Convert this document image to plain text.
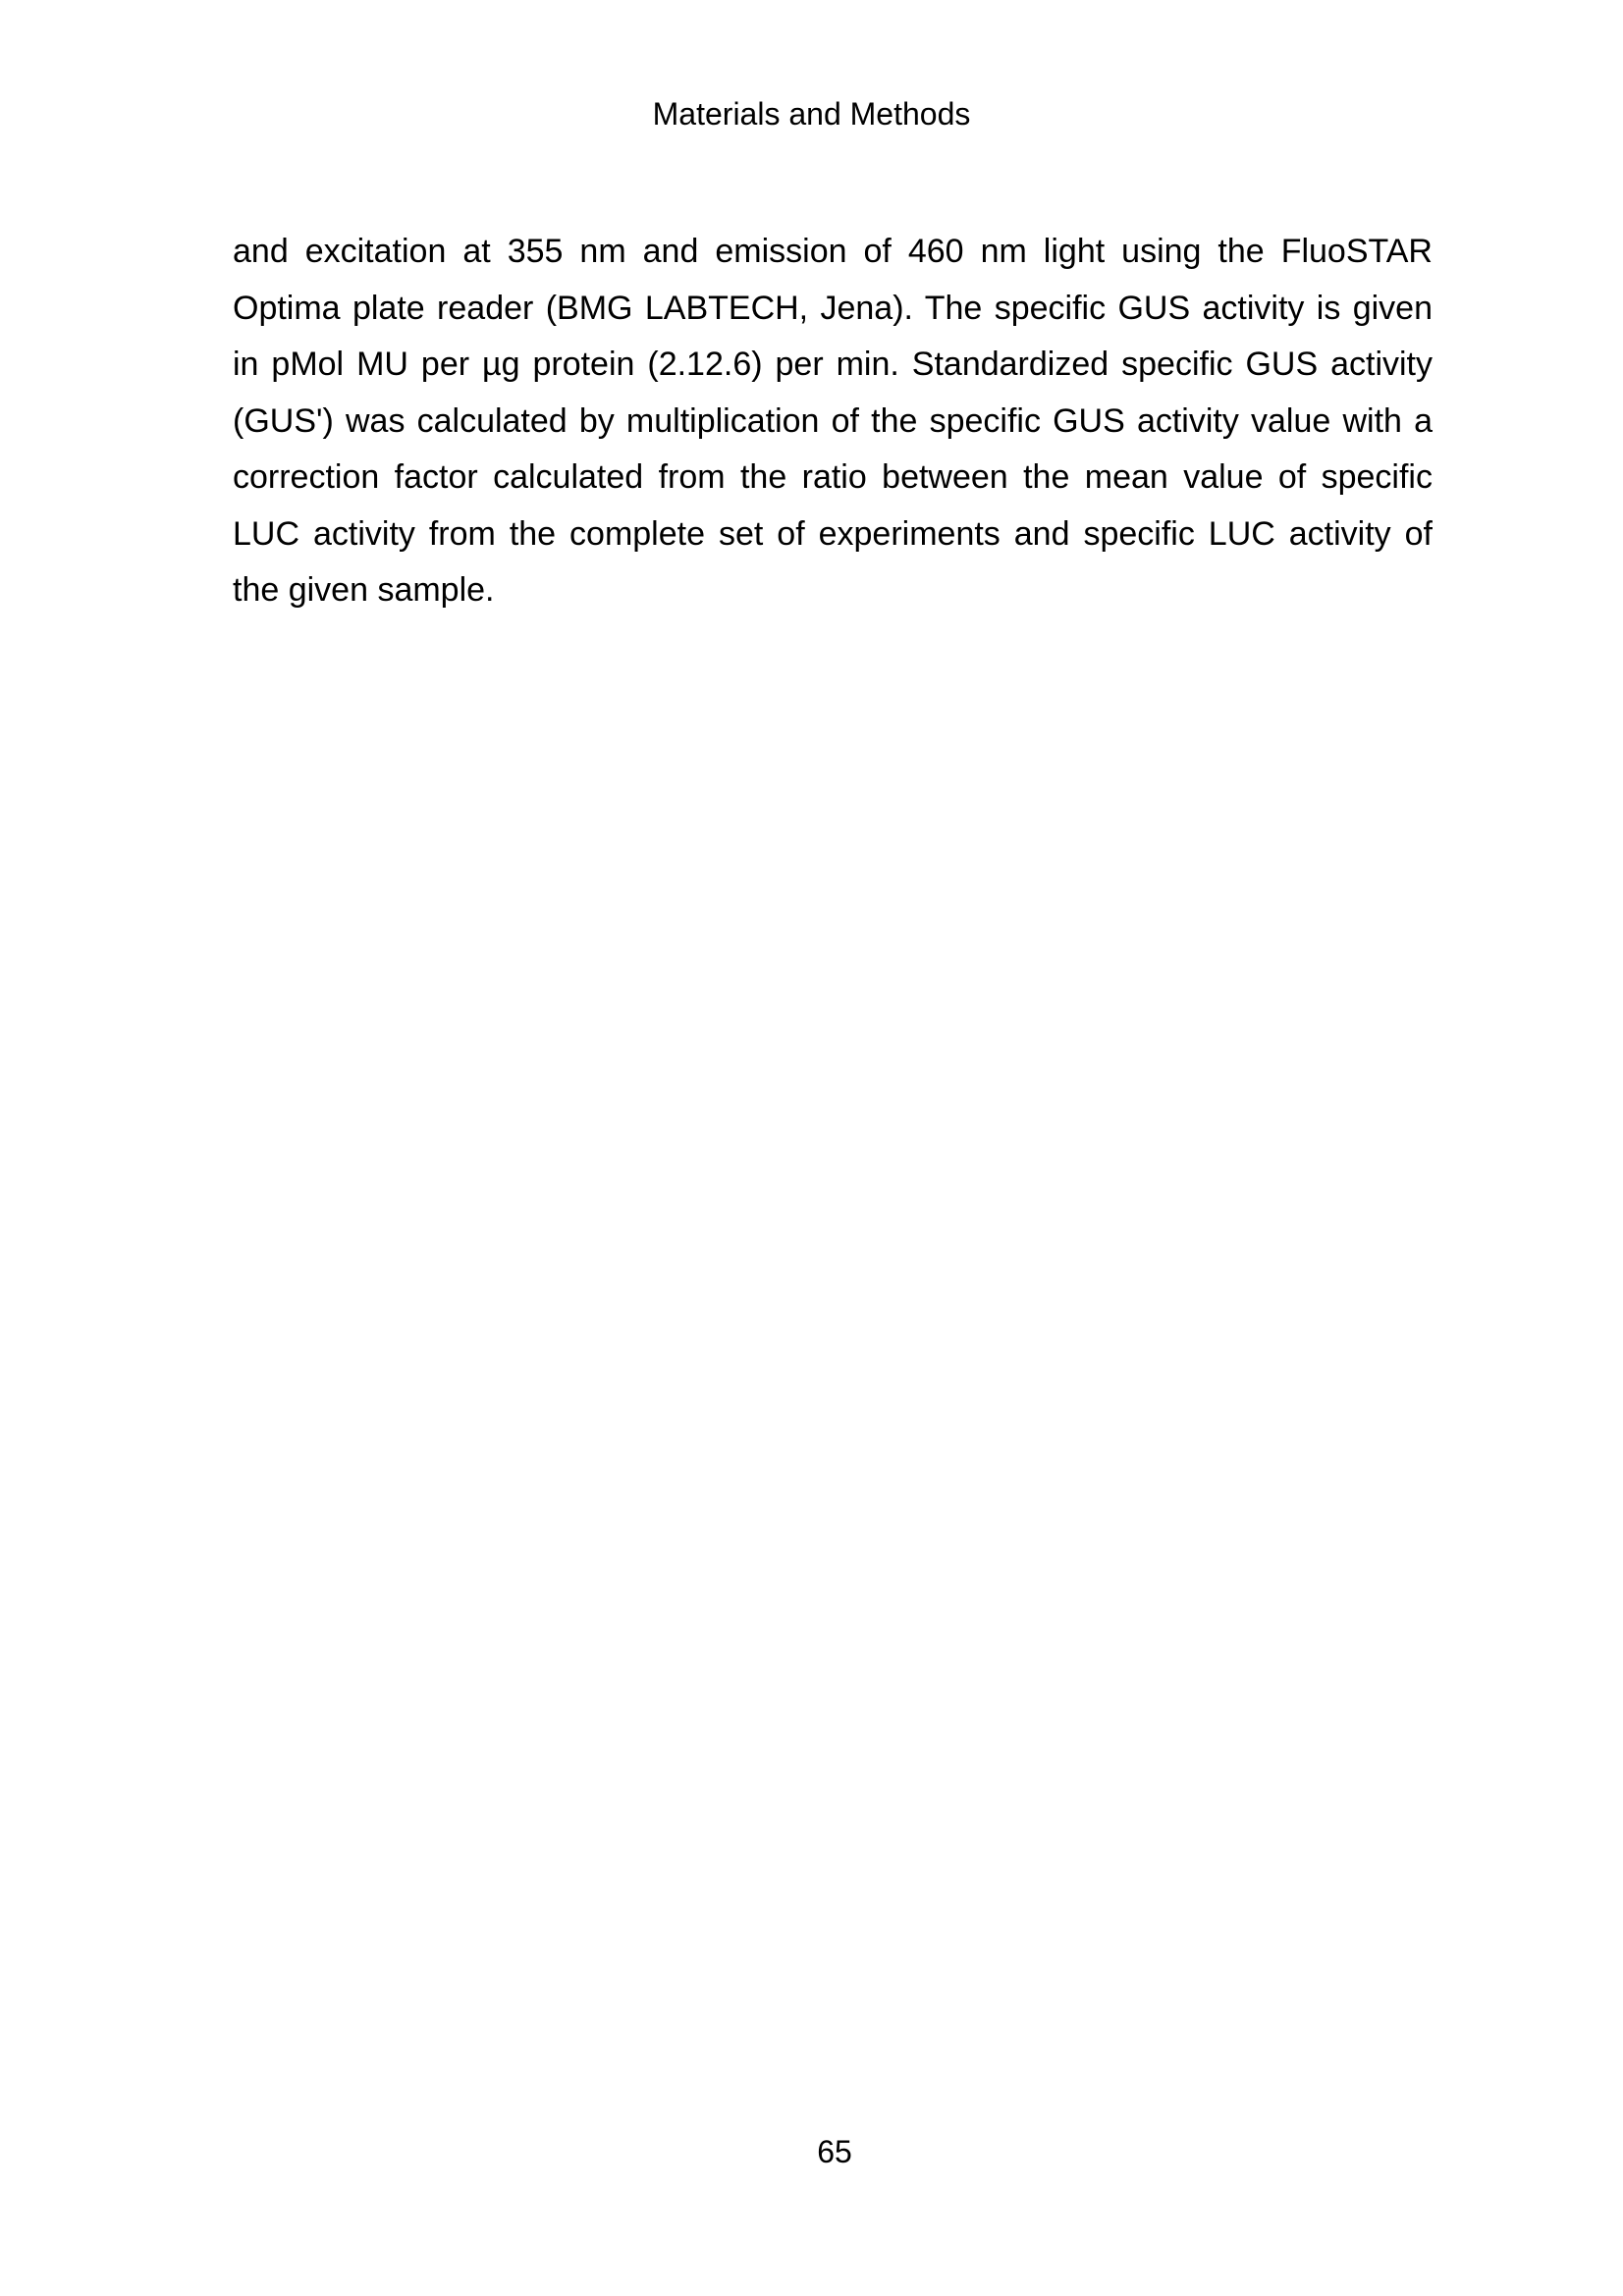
Materials and Methods

and excitation at 355 nm and emission of 460 nm light using the FluoSTAR Optima plate reader (BMG LABTECH, Jena). The specific GUS activity is given in pMol MU per µg protein (2.12.6) per min. Standardized specific GUS activity (GUS') was calculated by multiplication of the specific GUS activity value with a correction factor calculated from the ratio between the mean value of specific LUC activity from the complete set of experiments and specific LUC activity of the given sample.

65
